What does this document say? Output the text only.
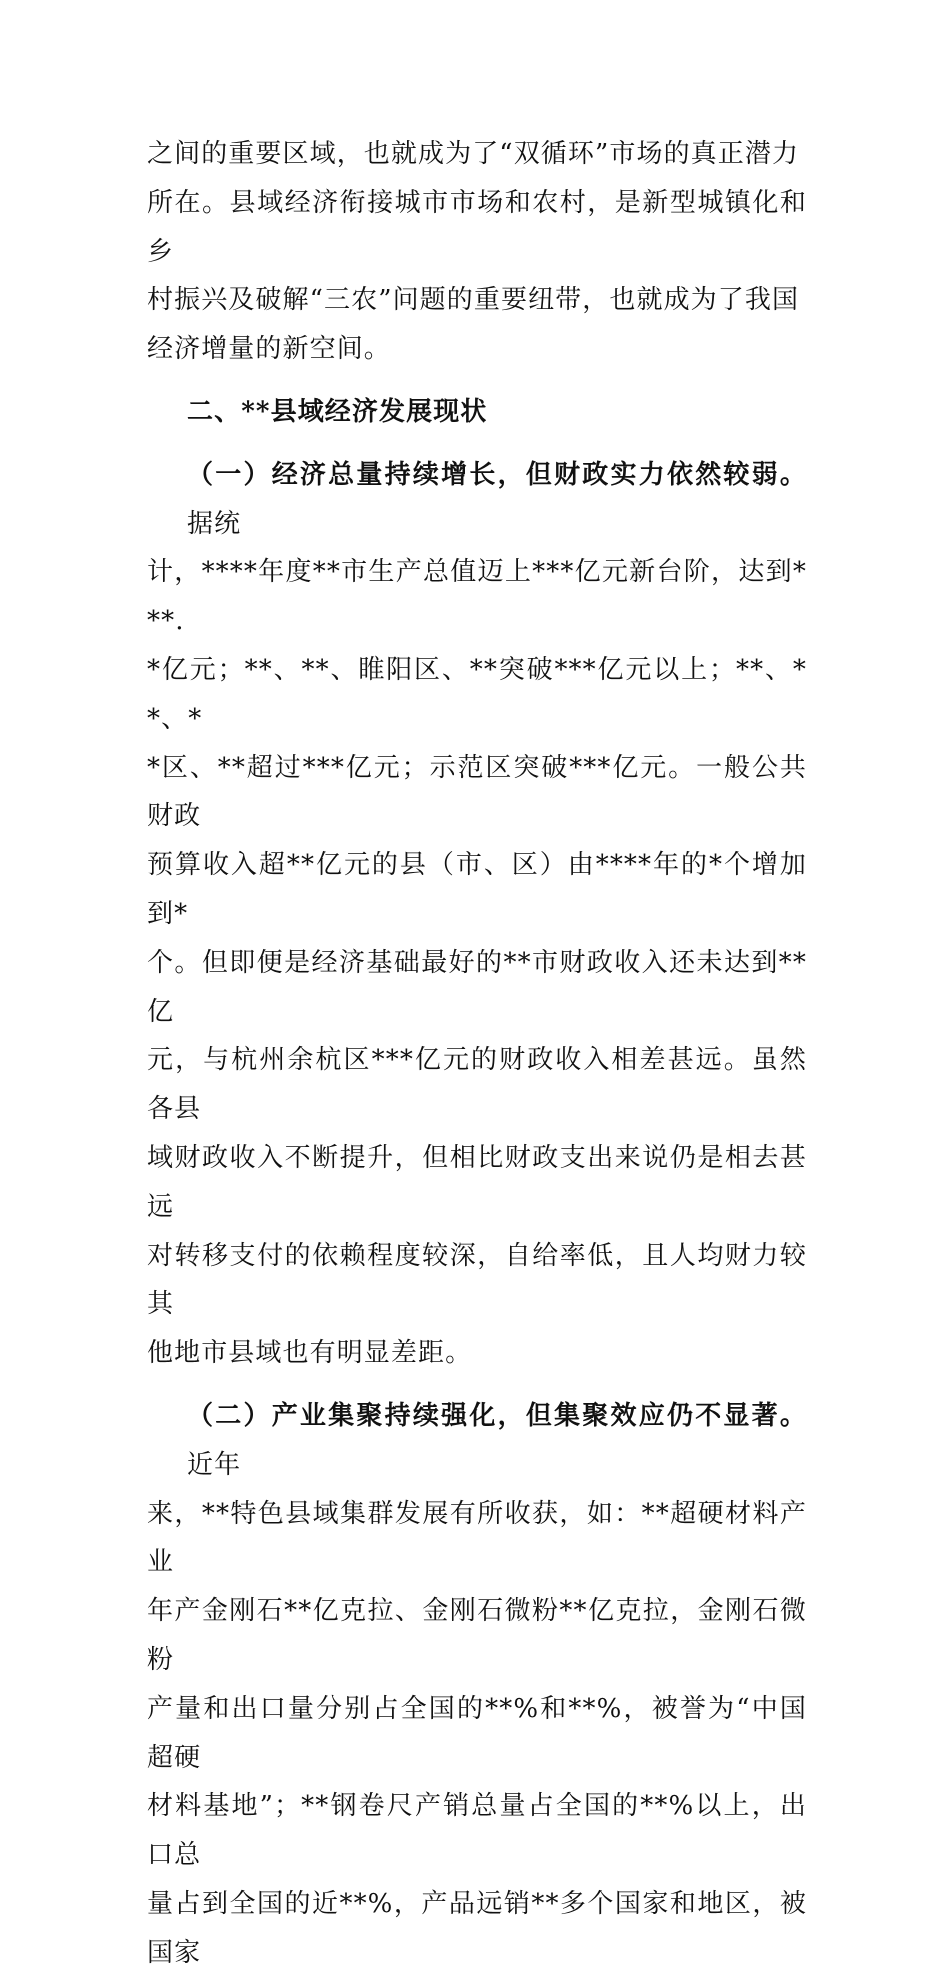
之间的重要区域，也就成为了“双循环”市场的真正潜力
所在。县域经济衔接城市市场和农村，是新型城镇化和乡
村振兴及破解“三农”问题的重要纽带，也就成为了我国
经济增量的新空间。

二、**县域经济发展现状

（一）经济总量持续增长，但财政实力依然较弱。据统
计，****年度**市生产总值迈上***亿元新台阶，达到***.
*亿元；**、**、睢阳区、**突破***亿元以上；**、**、*
*区、**超过***亿元；示范区突破***亿元。一般公共财政
预算收入超**亿元的县（市、区）由****年的*个增加到*
个。但即便是经济基础最好的**市财政收入还未达到**亿
元，与杭州余杭区***亿元的财政收入相差甚远。虽然各县
域财政收入不断提升，但相比财政支出来说仍是相去甚远
对转移支付的依赖程度较深，自给率低，且人均财力较其
他地市县域也有明显差距。

（二）产业集聚持续强化，但集聚效应仍不显著。近年
来，**特色县域集群发展有所收获，如：**超硬材料产业
年产金刚石**亿克拉、金刚石微粉**亿克拉，金刚石微粉
产量和出口量分别占全国的**%和**%，被誉为“中国超硬
材料基地”；**钢卷尺产销总量占全国的**%以上，出口总
量占到全国的近**%，产品远销**多个国家和地区，被国家
